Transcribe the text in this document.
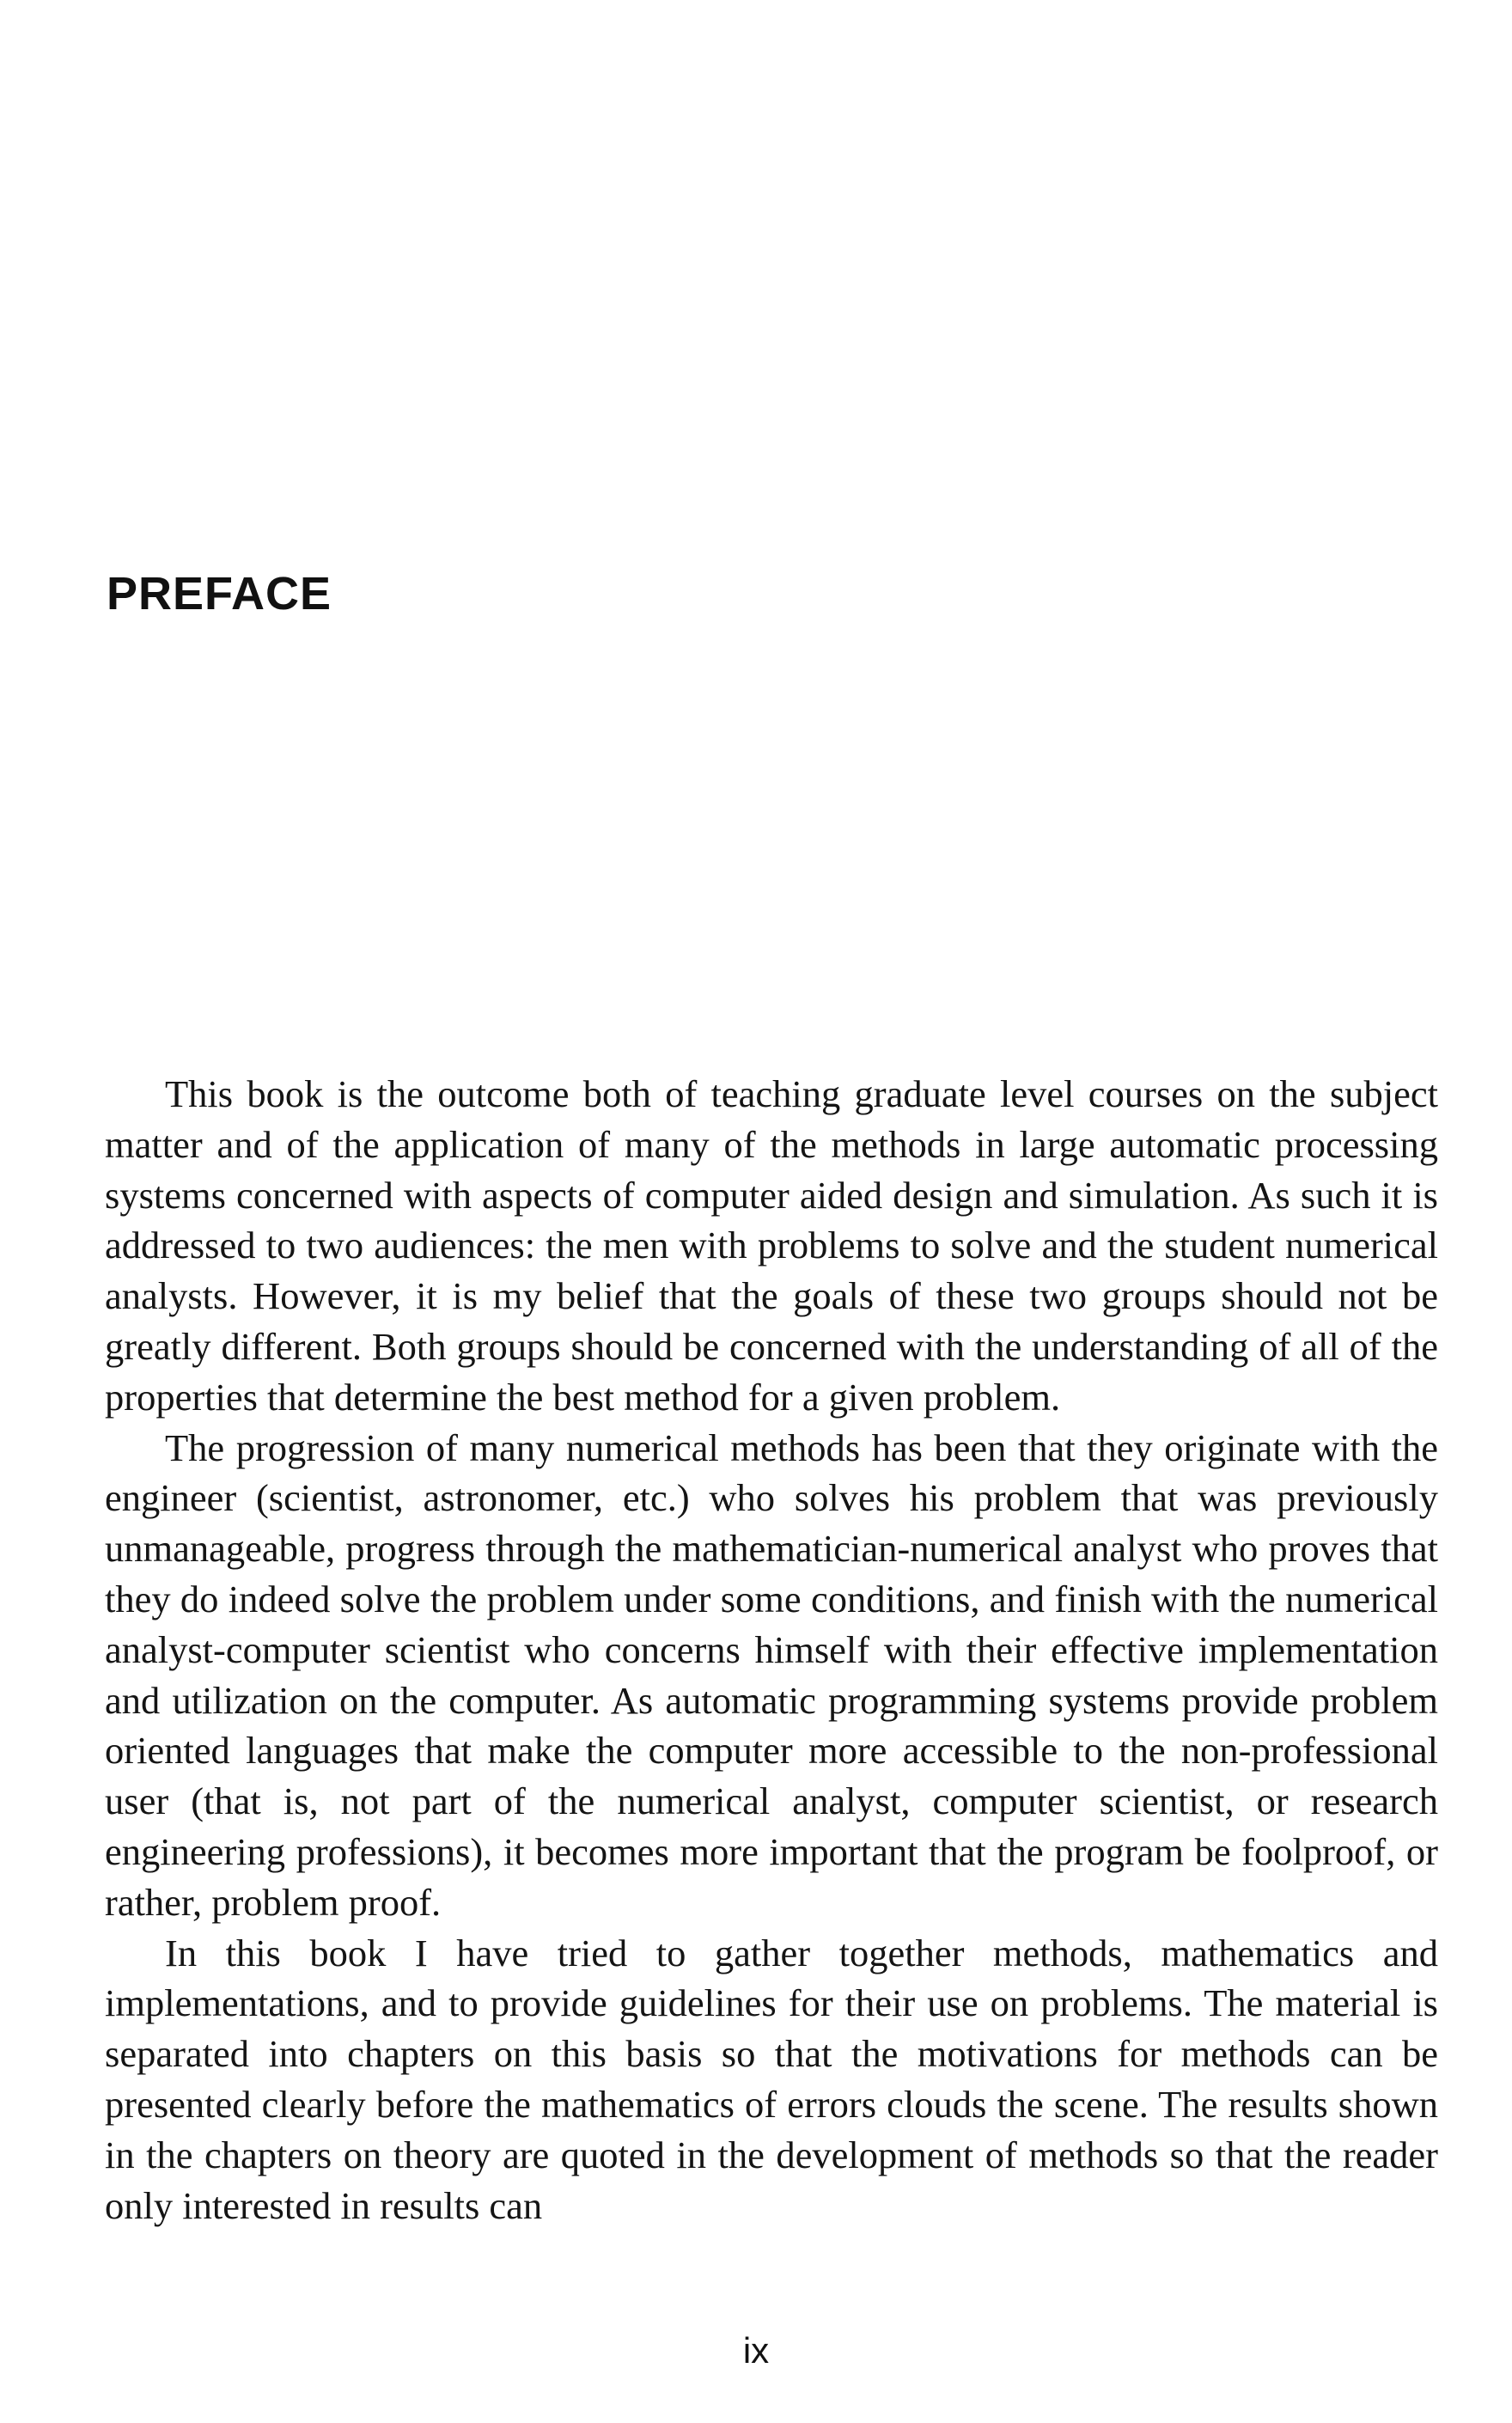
PREFACE

This book is the outcome both of teaching graduate level courses on the subject matter and of the application of many of the methods in large automatic processing systems concerned with aspects of computer aided design and simulation. As such it is addressed to two audiences: the men with problems to solve and the student numerical analysts. However, it is my belief that the goals of these two groups should not be greatly different. Both groups should be concerned with the understanding of all of the properties that determine the best method for a given problem.

The progression of many numerical methods has been that they originate with the engineer (scientist, astronomer, etc.) who solves his problem that was previously unmanageable, progress through the mathematician-numerical analyst who proves that they do indeed solve the problem under some conditions, and finish with the numerical analyst-computer scientist who concerns himself with their effective implementation and utilization on the computer. As automatic programming systems provide problem oriented languages that make the computer more accessible to the non-professional user (that is, not part of the numerical analyst, computer scientist, or research engineering professions), it becomes more important that the program be foolproof, or rather, problem proof.

In this book I have tried to gather together methods, mathematics and implementations, and to provide guidelines for their use on problems. The material is separated into chapters on this basis so that the motivations for methods can be presented clearly before the mathematics of errors clouds the scene. The results shown in the chapters on theory are quoted in the development of methods so that the reader only interested in results can

ix
